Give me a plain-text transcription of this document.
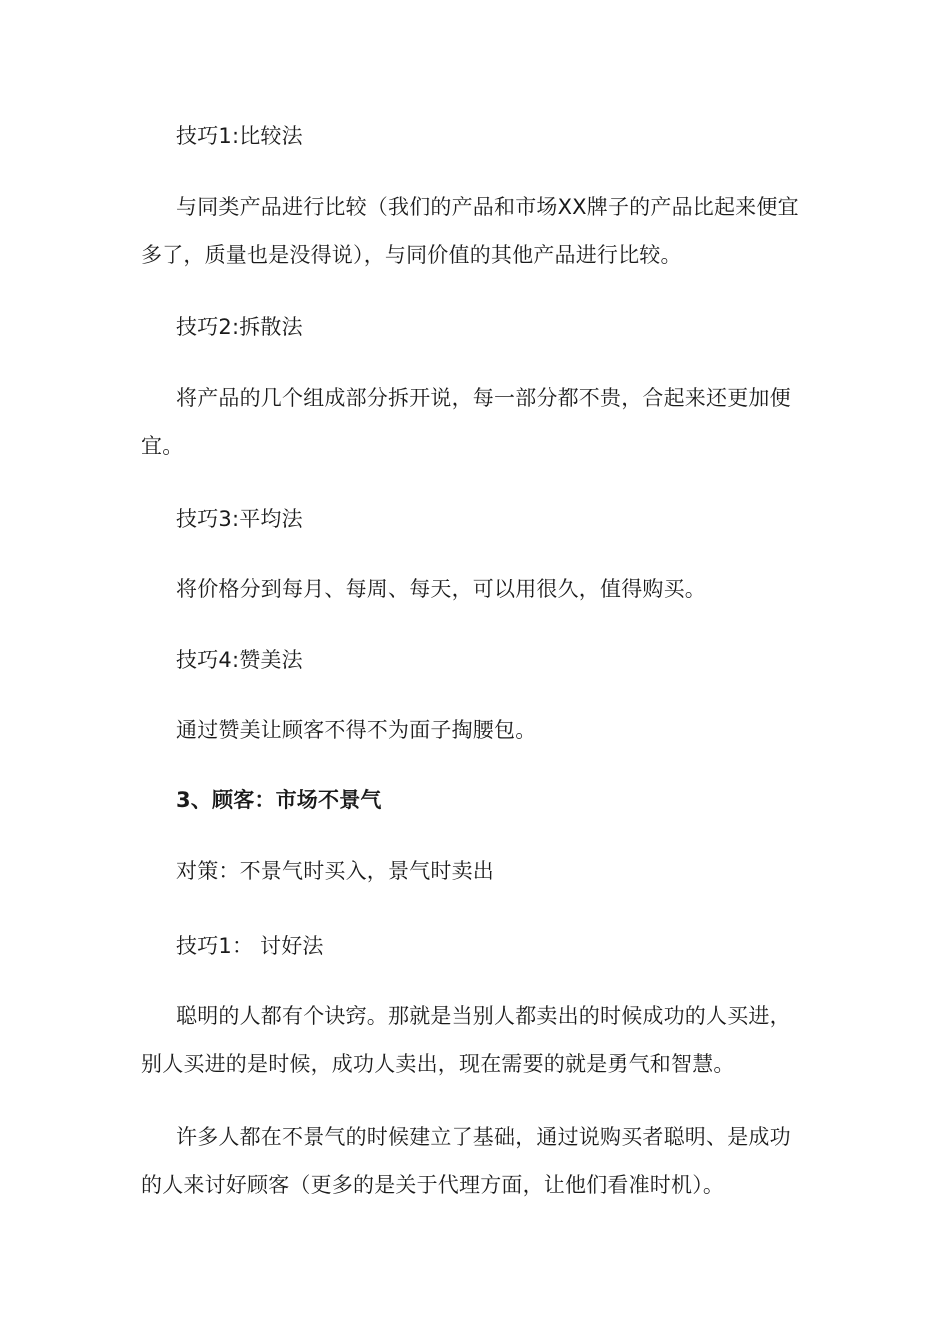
技巧1:比较法
与同类产品进行比较（我们的产品和市场XX牌子的产品比起来便宜多了，质量也是没得说），与同价值的其他产品进行比较。
技巧2:拆散法
将产品的几个组成部分拆开说，每一部分都不贵，合起来还更加便宜。
技巧3:平均法
将价格分到每月、每周、每天，可以用很久，值得购买。
技巧4:赞美法
通过赞美让顾客不得不为面子掏腰包。
3、顾客：市场不景气
对策：不景气时买入，景气时卖出
技巧1： 讨好法
聪明的人都有个诀窍。那就是当别人都卖出的时候成功的人买进，别人买进的是时候，成功人卖出，现在需要的就是勇气和智慧。
许多人都在不景气的时候建立了基础，通过说购买者聪明、是成功的人来讨好顾客（更多的是关于代理方面，让他们看准时机）。
